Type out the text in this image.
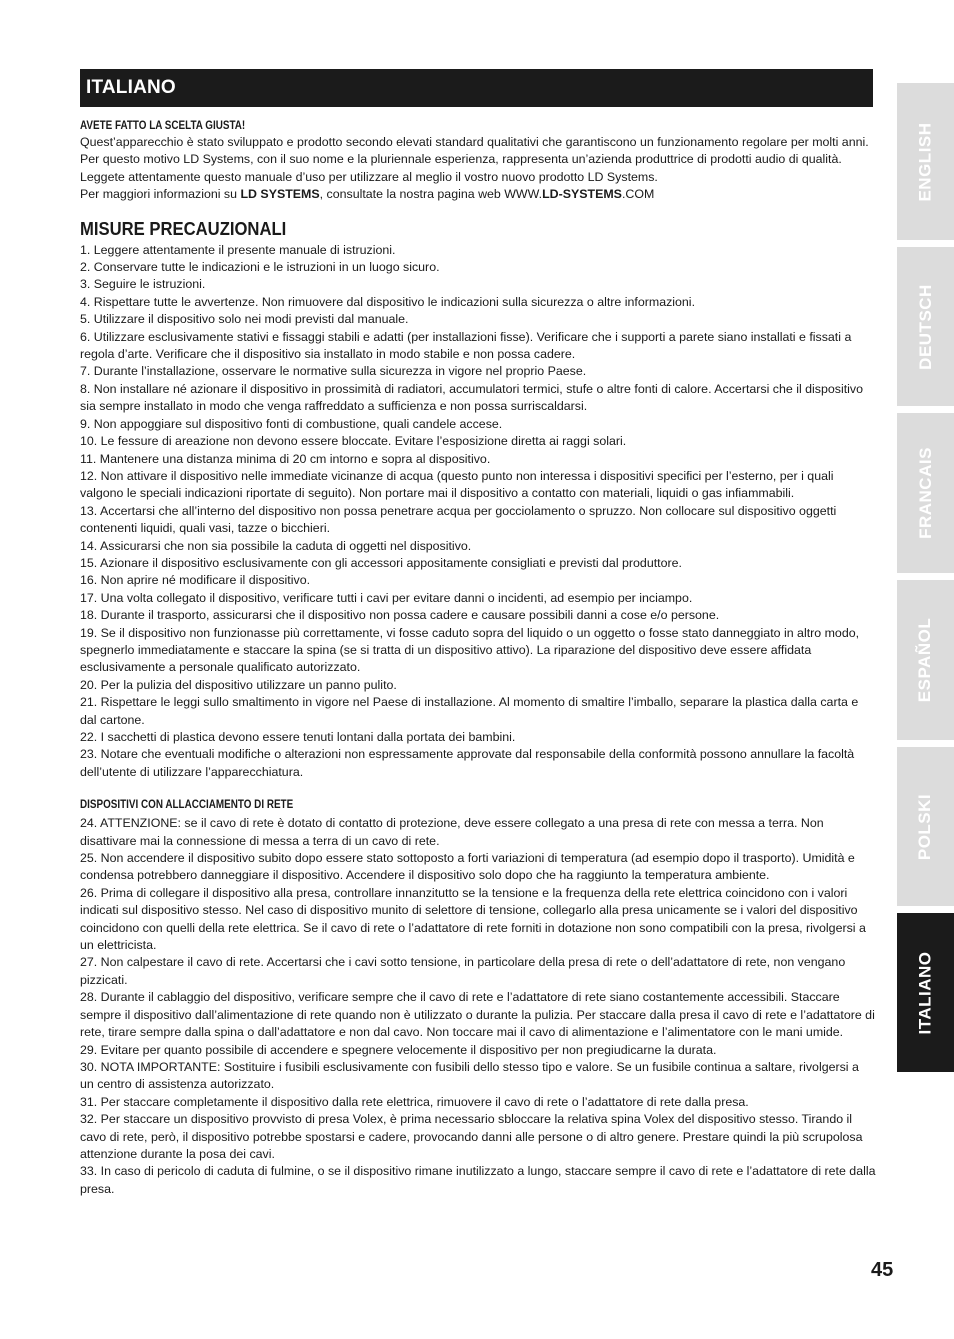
ITALIANO
AVETE FATTO LA SCELTA GIUSTA!

Quest’apparecchio è stato sviluppato e prodotto secondo elevati standard qualitativi che garantiscono un funzionamento regolare per molti anni.

Per questo motivo LD Systems, con il suo nome e la pluriennale esperienza, rappresenta un’azienda produttrice di prodotti audio di qualità. Leggete attentamente questo manuale d’uso per utilizzare al meglio il vostro nuovo prodotto LD Systems.

Per maggiori informazioni su LD SYSTEMS, consultate la nostra pagina web WWW.LD-SYSTEMS.COM

MISURE PRECAUZIONALI
1. Leggere attentamente il presente manuale di istruzioni.
2. Conservare tutte le indicazioni e le istruzioni in un luogo sicuro.
3. Seguire le istruzioni.
4. Rispettare tutte le avvertenze. Non rimuovere dal dispositivo le indicazioni sulla sicurezza o altre informazioni.
5. Utilizzare il dispositivo solo nei modi previsti dal manuale.
6. Utilizzare esclusivamente stativi e fissaggi stabili e adatti (per installazioni fisse). Verificare che i supporti a parete siano installati e fissati a regola d’arte. Verificare che il dispositivo sia installato in modo stabile e non possa cadere.
7. Durante l’installazione, osservare le normative sulla sicurezza in vigore nel proprio Paese.
8. Non installare né azionare il dispositivo in prossimità di radiatori, accumulatori termici, stufe o altre fonti di calore. Accertarsi che il dispositivo sia sempre installato in modo che venga raffreddato a sufficienza e non possa surriscaldarsi.
9. Non appoggiare sul dispositivo fonti di combustione, quali candele accese.
10. Le fessure di areazione non devono essere bloccate. Evitare l’esposizione diretta ai raggi solari.
11. Mantenere una distanza minima di 20 cm intorno e sopra al dispositivo.
12. Non attivare il dispositivo nelle immediate vicinanze di acqua (questo punto non interessa i dispositivi specifici per l’esterno, per i quali valgono le speciali indicazioni riportate di seguito). Non portare mai il dispositivo a contatto con materiali, liquidi o gas infiammabili.
13. Accertarsi che all’interno del dispositivo non possa penetrare acqua per gocciolamento o spruzzo. Non collocare sul dispositivo oggetti contenenti liquidi, quali vasi, tazze o bicchieri.
14. Assicurarsi che non sia possibile la caduta di oggetti nel dispositivo.
15. Azionare il dispositivo esclusivamente con gli accessori appositamente consigliati e previsti dal produttore.
16. Non aprire né modificare il dispositivo.
17. Una volta collegato il dispositivo, verificare tutti i cavi per evitare danni o incidenti, ad esempio per inciampo.
18. Durante il trasporto, assicurarsi che il dispositivo non possa cadere e causare possibili danni a cose e/o persone.
19. Se il dispositivo non funzionasse più correttamente, vi fosse caduto sopra del liquido o un oggetto o fosse stato danneggiato in altro modo, spegnerlo immediatamente e staccare la spina (se si tratta di un dispositivo attivo). La riparazione del dispositivo deve essere affidata esclusivamente a personale qualificato autorizzato.
20. Per la pulizia del dispositivo utilizzare un panno pulito.
21. Rispettare le leggi sullo smaltimento in vigore nel Paese di installazione. Al momento di smaltire l’imballo, separare la plastica dalla carta e dal cartone.
22. I sacchetti di plastica devono essere tenuti lontani dalla portata dei bambini.
23. Notare che eventuali modifiche o alterazioni non espressamente approvate dal responsabile della conformità possono annullare la facoltà dell’utente di utilizzare l’apparecchiatura.
DISPOSITIVI CON ALLACCIAMENTO DI RETE
24. ATTENZIONE: se il cavo di rete è dotato di contatto di protezione, deve essere collegato a una presa di rete con messa a terra. Non disattivare mai la connessione di messa a terra di un cavo di rete.
25. Non accendere il dispositivo subito dopo essere stato sottoposto a forti variazioni di temperatura (ad esempio dopo il trasporto). Umidità e condensa potrebbero danneggiare il dispositivo. Accendere il dispositivo solo dopo che ha raggiunto la temperatura ambiente.
26. Prima di collegare il dispositivo alla presa, controllare innanzitutto se la tensione e la frequenza della rete elettrica coincidono con i valori indicati sul dispositivo stesso. Nel caso di dispositivo munito di selettore di tensione, collegarlo alla presa unicamente se i valori del dispositivo coincidono con quelli della rete elettrica. Se il cavo di rete o l’adattatore di rete forniti in dotazione non sono compatibili con la presa, rivolgersi a un elettricista.
27. Non calpestare il cavo di rete. Accertarsi che i cavi sotto tensione, in particolare della presa di rete o dell’adattatore di rete, non vengano pizzicati.
28. Durante il cablaggio del dispositivo, verificare sempre che il cavo di rete e l’adattatore di rete siano costantemente accessibili. Staccare sempre il dispositivo dall’alimentazione di rete quando non è utilizzato o durante la pulizia. Per staccare dalla presa il cavo di rete e l’adattatore di rete, tirare sempre dalla spina o dall’adattatore e non dal cavo. Non toccare mai il cavo di alimentazione e l’alimentatore con le mani umide.
29. Evitare per quanto possibile di accendere e spegnere velocemente il dispositivo per non pregiudicarne la durata.
30. NOTA IMPORTANTE: Sostituire i fusibili esclusivamente con fusibili dello stesso tipo e valore. Se un fusibile continua a saltare, rivolgersi a un centro di assistenza autorizzato.
31. Per staccare completamente il dispositivo dalla rete elettrica, rimuovere il cavo di rete o l’adattatore di rete dalla presa.
32. Per staccare un dispositivo provvisto di presa Volex, è prima necessario sbloccare la relativa spina Volex del dispositivo stesso. Tirando il cavo di rete, però, il dispositivo potrebbe spostarsi e cadere, provocando danni alle persone o di altro genere. Prestare quindi la più scrupolosa attenzione durante la posa dei cavi.
33. In caso di pericolo di caduta di fulmine, o se il dispositivo rimane inutilizzato a lungo, staccare sempre il cavo di rete e l’adattatore di rete dalla presa.
ENGLISH
DEUTSCH
FRANCAIS
ESPAÑOL
POLSKI
ITALIANO
45
